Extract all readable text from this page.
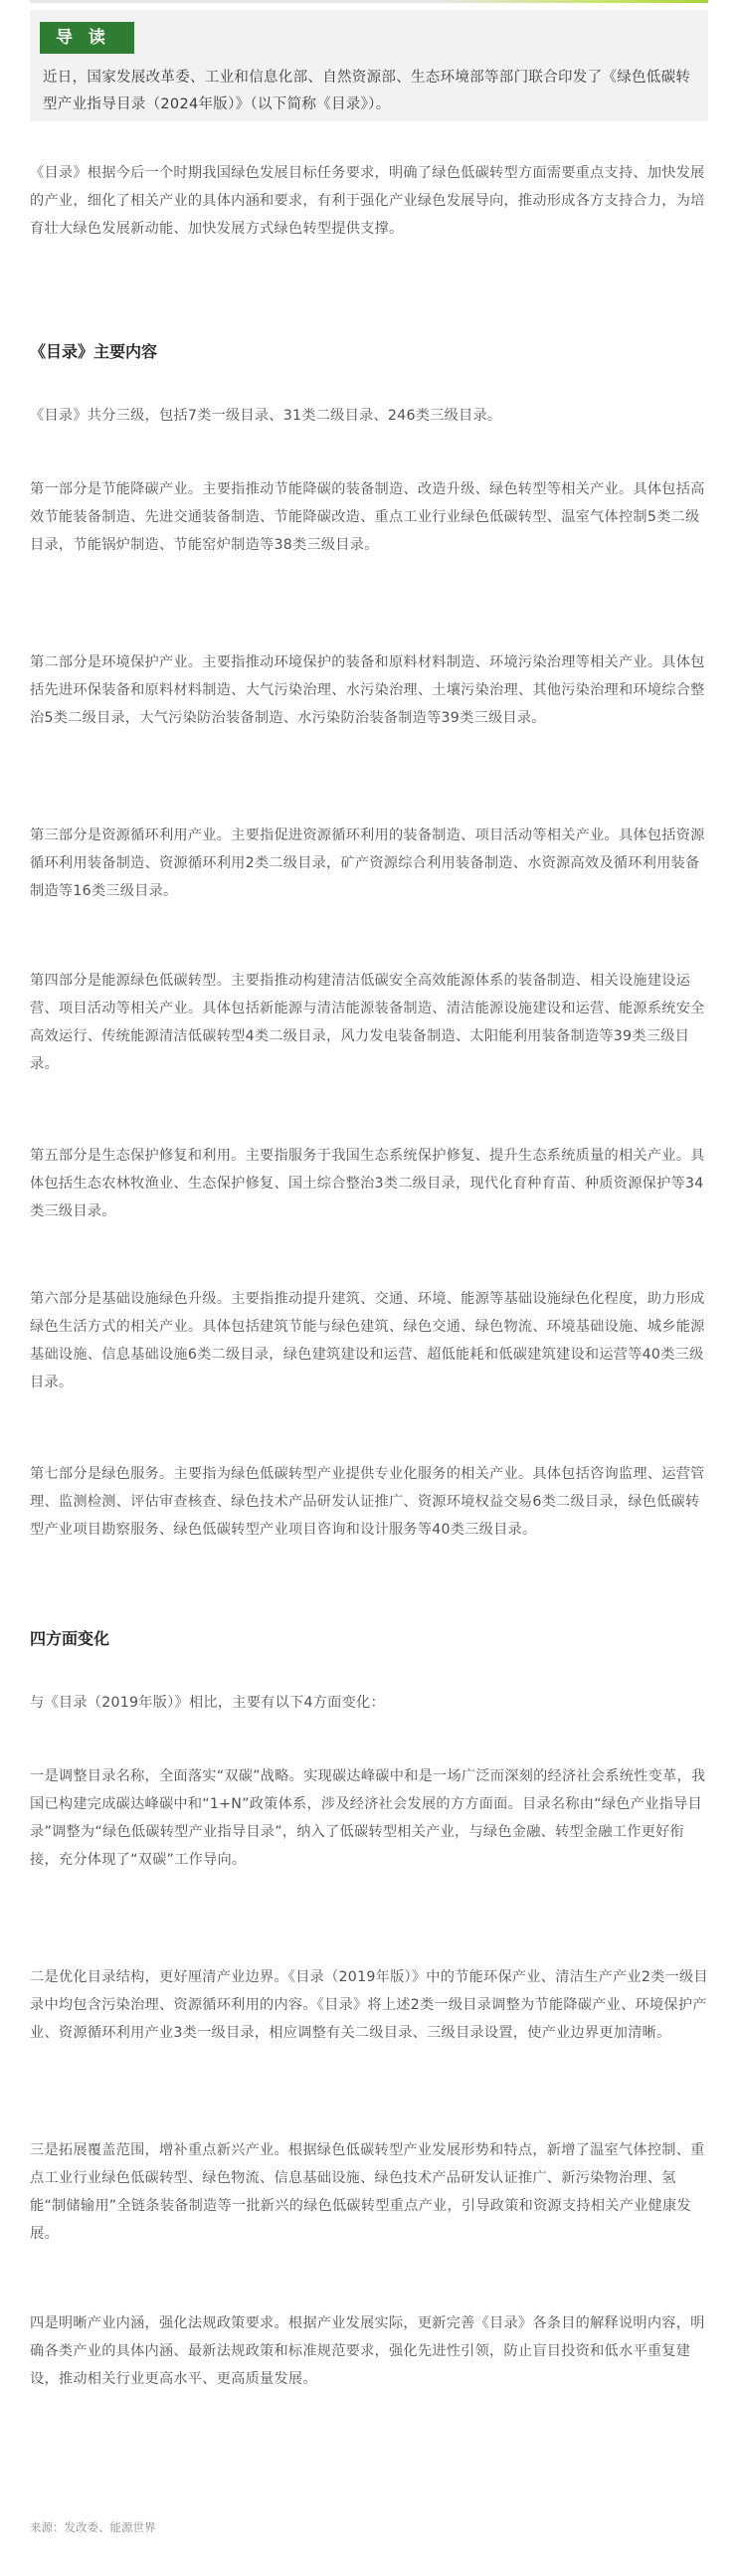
导 读
近日，国家发展改革委、工业和信息化部、自然资源部、生态环境部等部门联合印发了《绿色低碳转型产业指导目录（2024年版）》（以下简称《目录》）。

《目录》根据今后一个时期我国绿色发展目标任务要求，明确了绿色低碳转型方面需要重点支持、加快发展的产业，细化了相关产业的具体内涵和要求，有利于强化产业绿色发展导向，推动形成各方支持合力，为培育壮大绿色发展新动能、加快发展方式绿色转型提供支撑。

《目录》主要内容

《目录》共分三级，包括7类一级目录、31类二级目录、246类三级目录。

第一部分是节能降碳产业。主要指推动节能降碳的装备制造、改造升级、绿色转型等相关产业。具体包括高效节能装备制造、先进交通装备制造、节能降碳改造、重点工业行业绿色低碳转型、温室气体控制5类二级目录，节能锅炉制造、节能窑炉制造等38类三级目录。

第二部分是环境保护产业。主要指推动环境保护的装备和原料材料制造、环境污染治理等相关产业。具体包括先进环保装备和原料材料制造、大气污染治理、水污染治理、土壤污染治理、其他污染治理和环境综合整治5类二级目录，大气污染防治装备制造、水污染防治装备制造等39类三级目录。

第三部分是资源循环利用产业。主要指促进资源循环利用的装备制造、项目活动等相关产业。具体包括资源循环利用装备制造、资源循环利用2类二级目录，矿产资源综合利用装备制造、水资源高效及循环利用装备制造等16类三级目录。

第四部分是能源绿色低碳转型。主要指推动构建清洁低碳安全高效能源体系的装备制造、相关设施建设运营、项目活动等相关产业。具体包括新能源与清洁能源装备制造、清洁能源设施建设和运营、能源系统安全高效运行、传统能源清洁低碳转型4类二级目录，风力发电装备制造、太阳能利用装备制造等39类三级目录。

第五部分是生态保护修复和利用。主要指服务于我国生态系统保护修复、提升生态系统质量的相关产业。具体包括生态农林牧渔业、生态保护修复、国土综合整治3类二级目录，现代化育种育苗、种质资源保护等34类三级目录。

第六部分是基础设施绿色升级。主要指推动提升建筑、交通、环境、能源等基础设施绿色化程度，助力形成绿色生活方式的相关产业。具体包括建筑节能与绿色建筑、绿色交通、绿色物流、环境基础设施、城乡能源基础设施、信息基础设施6类二级目录，绿色建筑建设和运营、超低能耗和低碳建筑建设和运营等40类三级目录。

第七部分是绿色服务。主要指为绿色低碳转型产业提供专业化服务的相关产业。具体包括咨询监理、运营管理、监测检测、评估审查核查、绿色技术产品研发认证推广、资源环境权益交易6类二级目录，绿色低碳转型产业项目勘察服务、绿色低碳转型产业项目咨询和设计服务等40类三级目录。

四方面变化

与《目录（2019年版）》相比，主要有以下4方面变化：

一是调整目录名称，全面落实“双碳”战略。实现碳达峰碳中和是一场广泛而深刻的经济社会系统性变革，我国已构建完成碳达峰碳中和“1+N”政策体系，涉及经济社会发展的方方面面。目录名称由“绿色产业指导目录”调整为“绿色低碳转型产业指导目录”，纳入了低碳转型相关产业，与绿色金融、转型金融工作更好衔接，充分体现了“双碳”工作导向。

二是优化目录结构，更好厘清产业边界。《目录（2019年版）》中的节能环保产业、清洁生产产业2类一级目录中均包含污染治理、资源循环利用的内容。《目录》将上述2类一级目录调整为节能降碳产业、环境保护产业、资源循环利用产业3类一级目录，相应调整有关二级目录、三级目录设置，使产业边界更加清晰。

三是拓展覆盖范围，增补重点新兴产业。根据绿色低碳转型产业发展形势和特点，新增了温室气体控制、重点工业行业绿色低碳转型、绿色物流、信息基础设施、绿色技术产品研发认证推广、新污染物治理、氢能“制储输用”全链条装备制造等一批新兴的绿色低碳转型重点产业，引导政策和资源支持相关产业健康发展。

四是明晰产业内涵，强化法规政策要求。根据产业发展实际，更新完善《目录》各条目的解释说明内容，明确各类产业的具体内涵、最新法规政策和标准规范要求，强化先进性引领，防止盲目投资和低水平重复建设，推动相关行业更高水平、更高质量发展。

来源：发改委、能源世界
